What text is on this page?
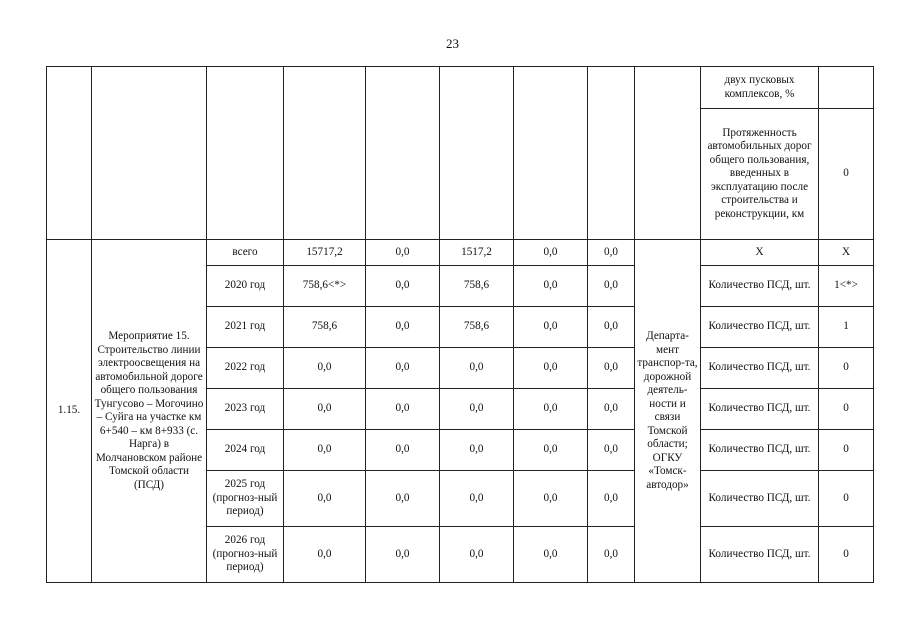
23
									двух пусковых комплексов, %	
									Протяженность автомобильных дорог общего пользования, введенных в эксплуатацию после строительства и реконструкции, км	0
1.15.	Мероприятие 15. Строительство линии электроосвещения на автомобильной дороге общего пользования Тунгусово – Могочино – Суйга на участке км 6+540 – км 8+933 (с. Нарга) в Молчановском районе Томской области (ПСД)	всего	15717,2	0,0	1517,2	0,0	0,0	Департа-мент транспор-та, дорожной деятель-ности и связи Томской области; ОГКУ «Томск-автодор»	Х	Х
		2020 год	758,6<*>	0,0	758,6	0,0	0,0		Количество ПСД, шт.	1<*>
		2021 год	758,6	0,0	758,6	0,0	0,0		Количество ПСД, шт.	1
		2022 год	0,0	0,0	0,0	0,0	0,0		Количество ПСД, шт.	0
		2023 год	0,0	0,0	0,0	0,0	0,0		Количество ПСД, шт.	0
		2024 год	0,0	0,0	0,0	0,0	0,0		Количество ПСД, шт.	0
		2025 год (прогноз-ный период)	0,0	0,0	0,0	0,0	0,0		Количество ПСД, шт.	0
		2026 год (прогноз-ный период)	0,0	0,0	0,0	0,0	0,0		Количество ПСД, шт.	0
